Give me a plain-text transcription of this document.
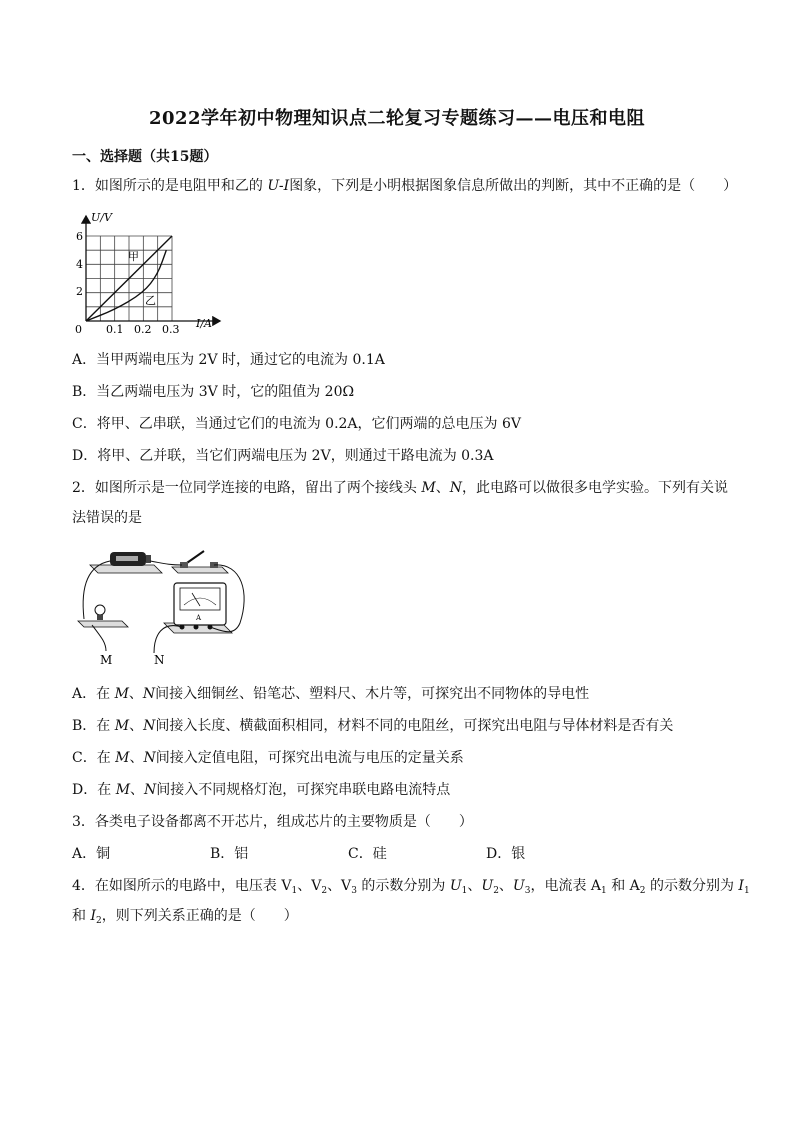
2022学年初中物理知识点二轮复习专题练习——电压和电阻
一、选择题（共15题）
1．如图所示的是电阻甲和乙的 U-I图象，下列是小明根据图象信息所做出的判断，其中不正确的是（　　）
U/V
I/A
0
2
4
6
0.1 0.2 0.3
甲
乙
A．当甲两端电压为 2V 时，通过它的电流为 0.1A
B．当乙两端电压为 3V 时，它的阻值为 20Ω
C．将甲、乙串联，当通过它们的电流为 0.2A，它们两端的总电压为 6V
D．将甲、乙并联，当它们两端电压为 2V，则通过干路电流为 0.3A
2．如图所示是一位同学连接的电路，留出了两个接线头 M、N，此电路可以做很多电学实验。下列有关说
法错误的是
A
M	N
A．在 M、N间接入细铜丝、铅笔芯、塑料尺、木片等，可探究出不同物体的导电性
B．在 M、N间接入长度、横截面积相同，材料不同的电阻丝，可探究出电阻与导体材料是否有关
C．在 M、N间接入定值电阻，可探究出电流与电压的定量关系
D．在 M、N间接入不同规格灯泡，可探究串联电路电流特点
3．各类电子设备都离不开芯片，组成芯片的主要物质是（　　）
A．铜	B．铝	C．硅	D．银
4．在如图所示的电路中，电压表 $V_1$、$V_2$、$V_3$ 的示数分别为 $U_1$、$U_2$、$U_3$，电流表 $A_1$ 和 $A_2$ 的示数分别为 $I_1$
和 $I_2$，则下列关系正确的是（　　）
